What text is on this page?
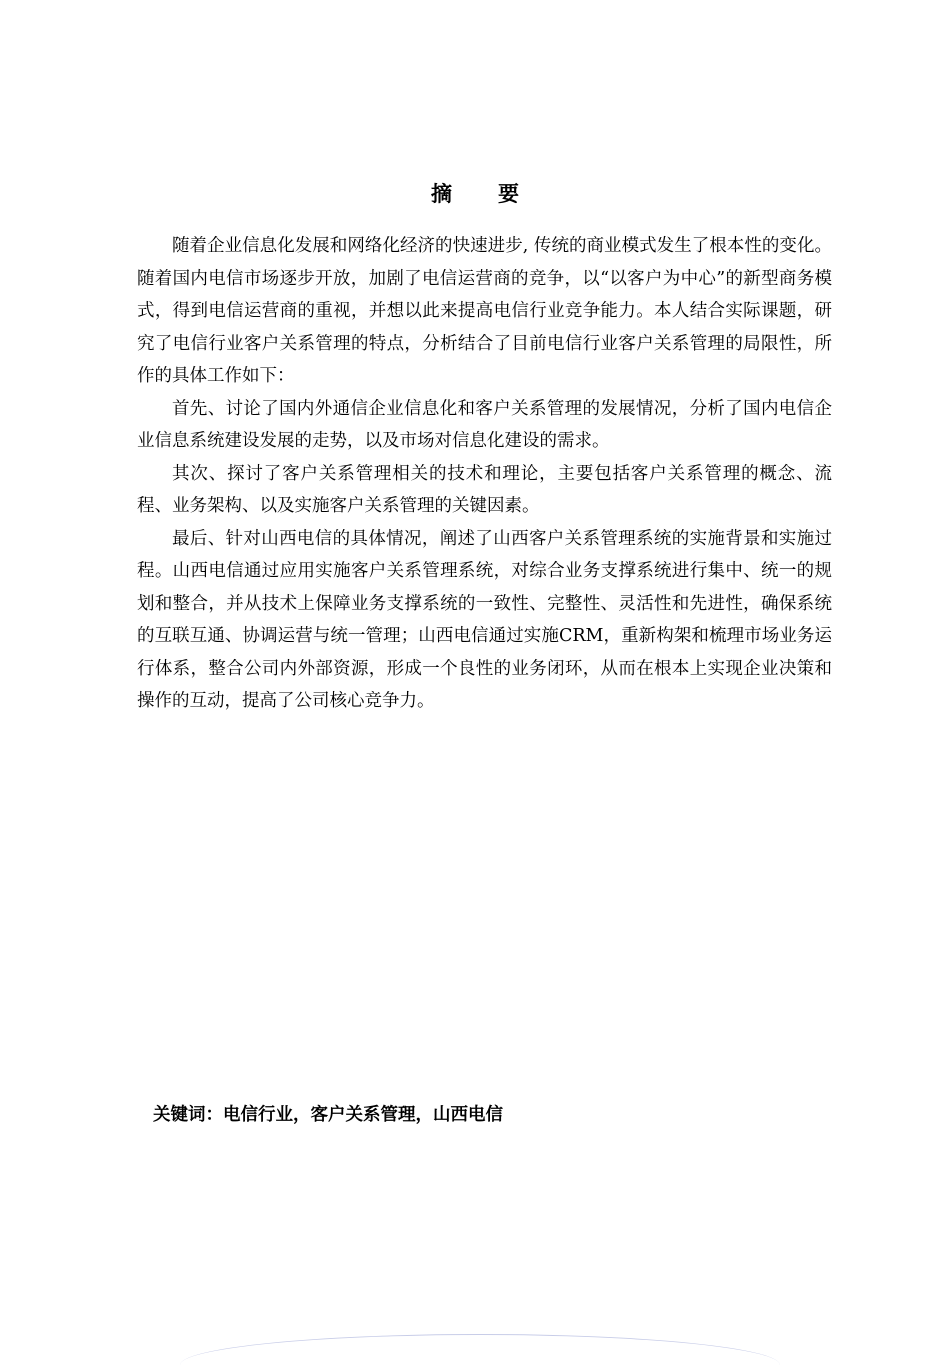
摘 要

随着企业信息化发展和网络化经济的快速进步, 传统的商业模式发生了根本性的变化。随着国内电信市场逐步开放，加剧了电信运营商的竞争，以“以客户为中心”的新型商务模式，得到电信运营商的重视，并想以此来提高电信行业竞争能力。本人结合实际课题，研究了电信行业客户关系管理的特点，分析结合了目前电信行业客户关系管理的局限性，所作的具体工作如下：

首先、讨论了国内外通信企业信息化和客户关系管理的发展情况，分析了国内电信企业信息系统建设发展的走势，以及市场对信息化建设的需求。

其次、探讨了客户关系管理相关的技术和理论，主要包括客户关系管理的概念、流程、业务架构、以及实施客户关系管理的关键因素。

最后、针对山西电信的具体情况，阐述了山西客户关系管理系统的实施背景和实施过程。山西电信通过应用实施客户关系管理系统，对综合业务支撑系统进行集中、统一的规划和整合，并从技术上保障业务支撑系统的一致性、完整性、灵活性和先进性，确保系统的互联互通、协调运营与统一管理；山西电信通过实施CRM，重新构架和梳理市场业务运行体系，整合公司内外部资源，形成一个良性的业务闭环，从而在根本上实现企业决策和操作的互动，提高了公司核心竞争力。

关键词：电信行业，客户关系管理，山西电信
